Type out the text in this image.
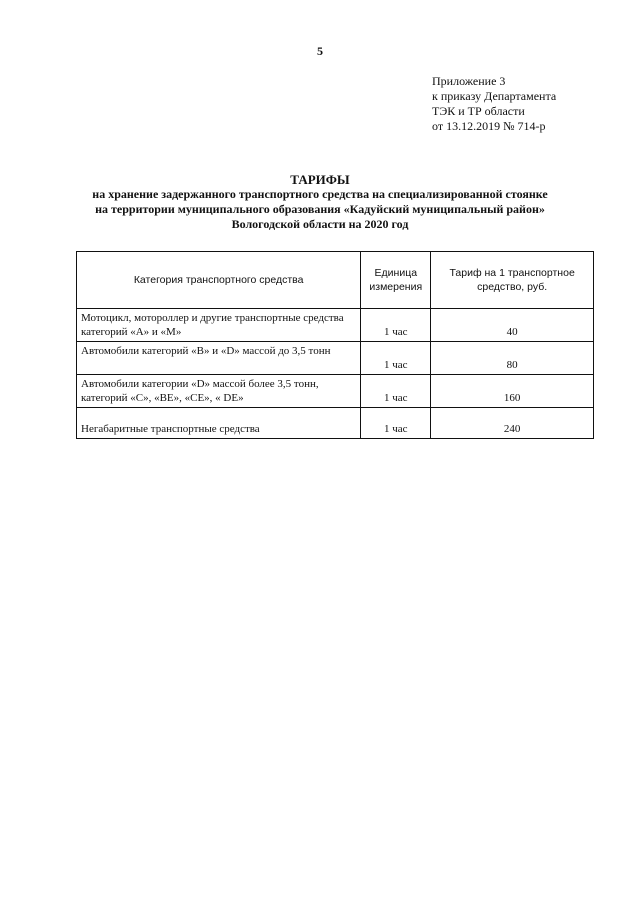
5
Приложение 3
к приказу Департамента
ТЭК и ТР области
от 13.12.2019 № 714-р
ТАРИФЫ
на хранение задержанного транспортного средства на специализированной стоянке
на территории муниципального образования «Кадуйский муниципальный район»
Вологодской области на 2020 год
Категория транспортного средства	Единица измерения	Тариф на 1 транспортное средство, руб.
Мотоцикл, мотороллер и другие транспортные средства категорий «А» и «М»	1 час	40
Автомобили категорий «В» и «D» массой до 3,5 тонн	1 час	80
Автомобили категории «D» массой более 3,5 тонн, категорий «С», «ВЕ», «СЕ», « DЕ»	1 час	160
Негабаритные транспортные средства	1 час	240
